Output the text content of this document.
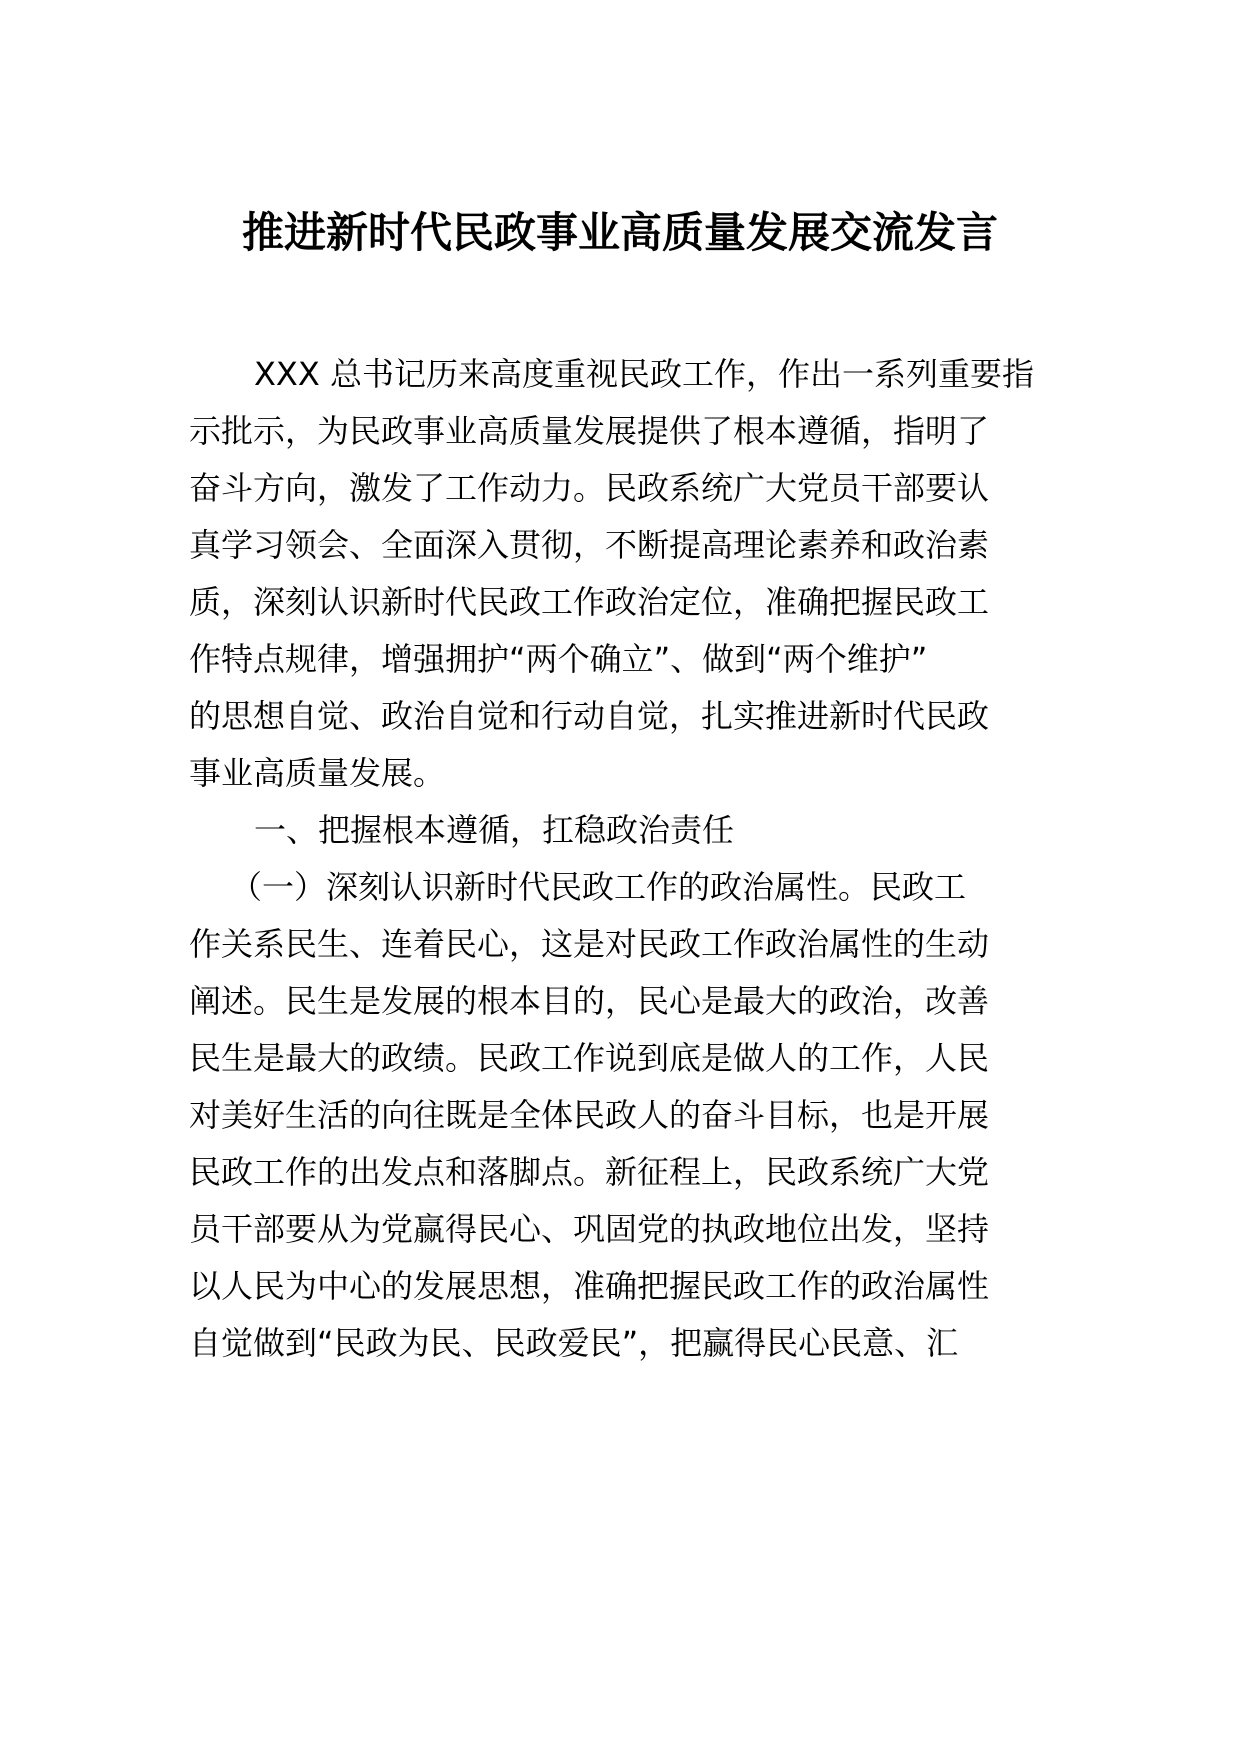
推进新时代民政事业高质量发展交流发言
XXX 总书记历来高度重视民政工作，作出一系列重要指
示批示，为民政事业高质量发展提供了根本遵循，指明了
奋斗方向，激发了工作动力。民政系统广大党员干部要认
真学习领会、全面深入贯彻，不断提高理论素养和政治素
质，深刻认识新时代民政工作政治定位，准确把握民政工
作特点规律，增强拥护“两个确立”、做到“两个维护”
的思想自觉、政治自觉和行动自觉，扎实推进新时代民政
事业高质量发展。
一、把握根本遵循，扛稳政治责任
（一）深刻认识新时代民政工作的政治属性。民政工
作关系民生、连着民心，这是对民政工作政治属性的生动
阐述。民生是发展的根本目的，民心是最大的政治，改善
民生是最大的政绩。民政工作说到底是做人的工作，人民
对美好生活的向往既是全体民政人的奋斗目标，也是开展
民政工作的出发点和落脚点。新征程上，民政系统广大党
员干部要从为党赢得民心、巩固党的执政地位出发，坚持
以人民为中心的发展思想，准确把握民政工作的政治属性
自觉做到“民政为民、民政爱民”，把赢得民心民意、汇
